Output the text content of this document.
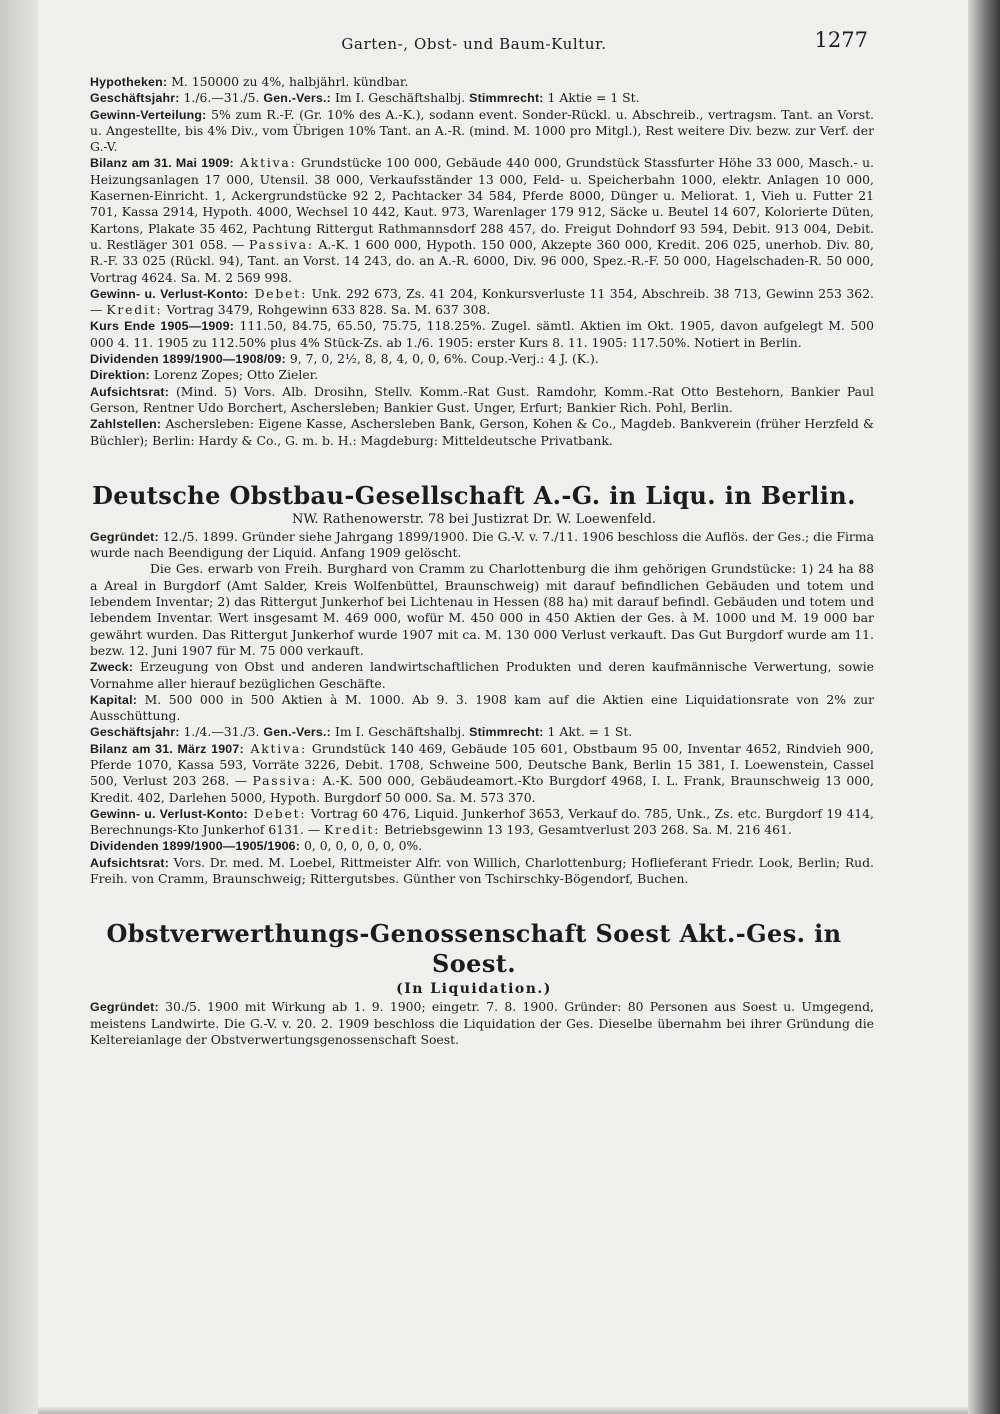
Garten-, Obst- und Baum-Kultur.	1277

Hypotheken: M. 150000 zu 4%, halbjährl. kündbar.

Geschäftsjahr: 1./6.—31./5. Gen.-Vers.: Im I. Geschäftshalbj. Stimmrecht: 1 Aktie = 1 St.

Gewinn-Verteilung: 5% zum R.-F. (Gr. 10% des A.-K.), sodann event. Sonder-Rückl. u. Abschreib., vertragsm. Tant. an Vorst. u. Angestellte, bis 4% Div., vom Übrigen 10% Tant. an A.-R. (mind. M. 1000 pro Mitgl.), Rest weitere Div. bezw. zur Verf. der G.-V.

Bilanz am 31. Mai 1909: Aktiva: Grundstücke 100 000, Gebäude 440 000, Grundstück Stassfurter Höhe 33 000, Masch.- u. Heizungsanlagen 17 000, Utensil. 38 000, Verkaufsständer 13 000, Feld- u. Speicherbahn 1000, elektr. Anlagen 10 000, Kasernen-Einricht. 1, Ackergrundstücke 92 2, Pachtacker 34 584, Pferde 8000, Dünger u. Meliorat. 1, Vieh u. Futter 21 701, Kassa 2914, Hypoth. 4000, Wechsel 10 442, Kaut. 973, Warenlager 179 912, Säcke u. Beutel 14 607, Kolorierte Düten, Kartons, Plakate 35 462, Pachtung Rittergut Rathmannsdorf 288 457, do. Freigut Dohndorf 93 594, Debit. 913 004, Debit. u. Restläger 301 058. — Passiva: A.-K. 1 600 000, Hypoth. 150 000, Akzepte 360 000, Kredit. 206 025, unerhob. Div. 80, R.-F. 33 025 (Rückl. 94), Tant. an Vorst. 14 243, do. an A.-R. 6000, Div. 96 000, Spez.-R.-F. 50 000, Hagelschaden-R. 50 000, Vortrag 4624. Sa. M. 2 569 998.

Gewinn- u. Verlust-Konto: Debet: Unk. 292 673, Zs. 41 204, Konkursverluste 11 354, Abschreib. 38 713, Gewinn 253 362. — Kredit: Vortrag 3479, Rohgewinn 633 828. Sa. M. 637 308.

Kurs Ende 1905—1909: 111.50, 84.75, 65.50, 75.75, 118.25%. Zugel. sämtl. Aktien im Okt. 1905, davon aufgelegt M. 500 000 4. 11. 1905 zu 112.50% plus 4% Stück-Zs. ab 1./6. 1905: erster Kurs 8. 11. 1905: 117.50%. Notiert in Berlin.

Dividenden 1899/1900—1908/09: 9, 7, 0, 2½, 8, 8, 4, 0, 0, 6%. Coup.-Verj.: 4 J. (K.).

Direktion: Lorenz Zopes; Otto Zieler.

Aufsichtsrat: (Mind. 5) Vors. Alb. Drosihn, Stellv. Komm.-Rat Gust. Ramdohr, Komm.-Rat Otto Bestehorn, Bankier Paul Gerson, Rentner Udo Borchert, Aschersleben; Bankier Gust. Unger, Erfurt; Bankier Rich. Pohl, Berlin.

Zahlstellen: Aschersleben: Eigene Kasse, Aschersleben Bank, Gerson, Kohen & Co., Magdeb. Bankverein (früher Herzfeld & Büchler); Berlin: Hardy & Co., G. m. b. H.: Magdeburg: Mitteldeutsche Privatbank.

Deutsche Obstbau-Gesellschaft A.-G. in Liqu. in Berlin.
NW. Rathenowerstr. 78 bei Justizrat Dr. W. Loewenfeld.

Gegründet: 12./5. 1899. Gründer siehe Jahrgang 1899/1900. Die G.-V. v. 7./11. 1906 beschloss die Auflös. der Ges.; die Firma wurde nach Beendigung der Liquid. Anfang 1909 gelöscht.

Die Ges. erwarb von Freih. Burghard von Cramm zu Charlottenburg die ihm gehörigen Grundstücke: 1) 24 ha 88 a Areal in Burgdorf (Amt Salder, Kreis Wolfenbüttel, Braunschweig) mit darauf befindlichen Gebäuden und totem und lebendem Inventar; 2) das Rittergut Junkerhof bei Lichtenau in Hessen (88 ha) mit darauf befindl. Gebäuden und totem und lebendem Inventar. Wert insgesamt M. 469 000, wofür M. 450 000 in 450 Aktien der Ges. à M. 1000 und M. 19 000 bar gewährt wurden. Das Rittergut Junkerhof wurde 1907 mit ca. M. 130 000 Verlust verkauft. Das Gut Burgdorf wurde am 11. bezw. 12. Juni 1907 für M. 75 000 verkauft.

Zweck: Erzeugung von Obst und anderen landwirtschaftlichen Produkten und deren kaufmännische Verwertung, sowie Vornahme aller hierauf bezüglichen Geschäfte.

Kapital: M. 500 000 in 500 Aktien à M. 1000. Ab 9. 3. 1908 kam auf die Aktien eine Liquidationsrate von 2% zur Ausschüttung.

Geschäftsjahr: 1./4.—31./3. Gen.-Vers.: Im I. Geschäftshalbj. Stimmrecht: 1 Akt. = 1 St.

Bilanz am 31. März 1907: Aktiva: Grundstück 140 469, Gebäude 105 601, Obstbaum 95 00, Inventar 4652, Rindvieh 900, Pferde 1070, Kassa 593, Vorräte 3226, Debit. 1708, Schweine 500, Deutsche Bank, Berlin 15 381, I. Loewenstein, Cassel 500, Verlust 203 268. — Passiva: A.-K. 500 000, Gebäudeamort.-Kto Burgdorf 4968, I. L. Frank, Braunschweig 13 000, Kredit. 402, Darlehen 5000, Hypoth. Burgdorf 50 000. Sa. M. 573 370.

Gewinn- u. Verlust-Konto: Debet: Vortrag 60 476, Liquid. Junkerhof 3653, Verkauf do. 785, Unk., Zs. etc. Burgdorf 19 414, Berechnungs-Kto Junkerhof 6131. — Kredit: Betriebsgewinn 13 193, Gesamtverlust 203 268. Sa. M. 216 461.

Dividenden 1899/1900—1905/1906: 0, 0, 0, 0, 0, 0, 0%.

Aufsichtsrat: Vors. Dr. med. M. Loebel, Rittmeister Alfr. von Willich, Charlottenburg; Hoflieferant Friedr. Look, Berlin; Rud. Freih. von Cramm, Braunschweig; Rittergutsbes. Günther von Tschirschky-Bögendorf, Buchen.

Obstverwerthungs-Genossenschaft Soest Akt.-Ges. in Soest.
(In Liquidation.)

Gegründet: 30./5. 1900 mit Wirkung ab 1. 9. 1900; eingetr. 7. 8. 1900. Gründer: 80 Personen aus Soest u. Umgegend, meistens Landwirte. Die G.-V. v. 20. 2. 1909 beschloss die Liquidation der Ges. Dieselbe übernahm bei ihrer Gründung die Keltereianlage der Obstverwertungsgenossenschaft Soest.
